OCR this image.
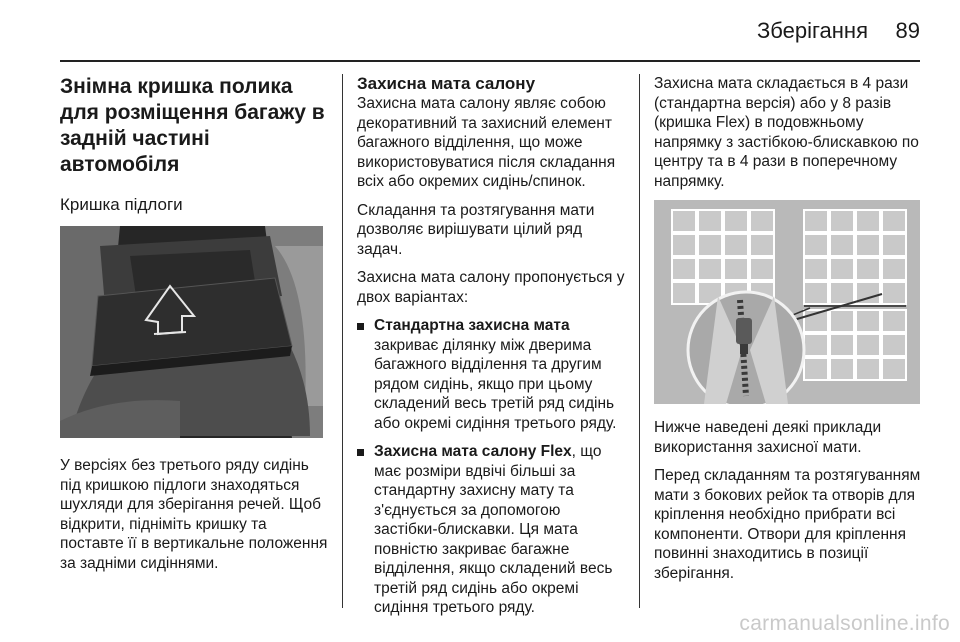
Зберігання 89
Знімна кришка полика для розміщення багажу в задній частині автомобіля
Кришка підлоги

У версіях без третього ряду сидінь під кришкою підлоги знаходяться шухляди для зберігання речей. Щоб відкрити, підніміть кришку та поставте її в вертикальне положення за задніми сидіннями.

Захисна мата салону

Захисна мата салону являє собою декоративний та захисний елемент багажного відділення, що може використовуватися після складання всіх або окремих сидінь/спинок.

Складання та розтягування мати дозволяє вирішувати цілий ряд задач.

Захисна мата салону пропонується у двох варіантах:

Стандартна захисна мата
закриває ділянку між дверима багажного відділення та другим рядом сидінь, якщо при цьому складений весь третій ряд сидінь або окремі сидіння третього ряду.
Захисна мата салону Flex, що має розміри вдвічі більші за стандартну захисну мату та з'єднується за допомогою застібки-блискавки. Ця мата повністю закриває багажне відділення, якщо складений весь третій ряд сидінь або окремі сидіння третього ряду.

Захисна мата складається в 4 рази (стандартна версія) або у 8 разів (кришка Flex) в подовжньому напрямку з застібкою-блискавкою по центру та в 4 рази в поперечному напрямку.

Нижче наведені деякі приклади використання захисної мати.

Перед складанням та розтягуванням мати з бокових рейок та отворів для кріплення необхідно прибрати всі компоненти. Отвори для кріплення повинні знаходитись в позиції зберігання.

carmanualsonline.info
